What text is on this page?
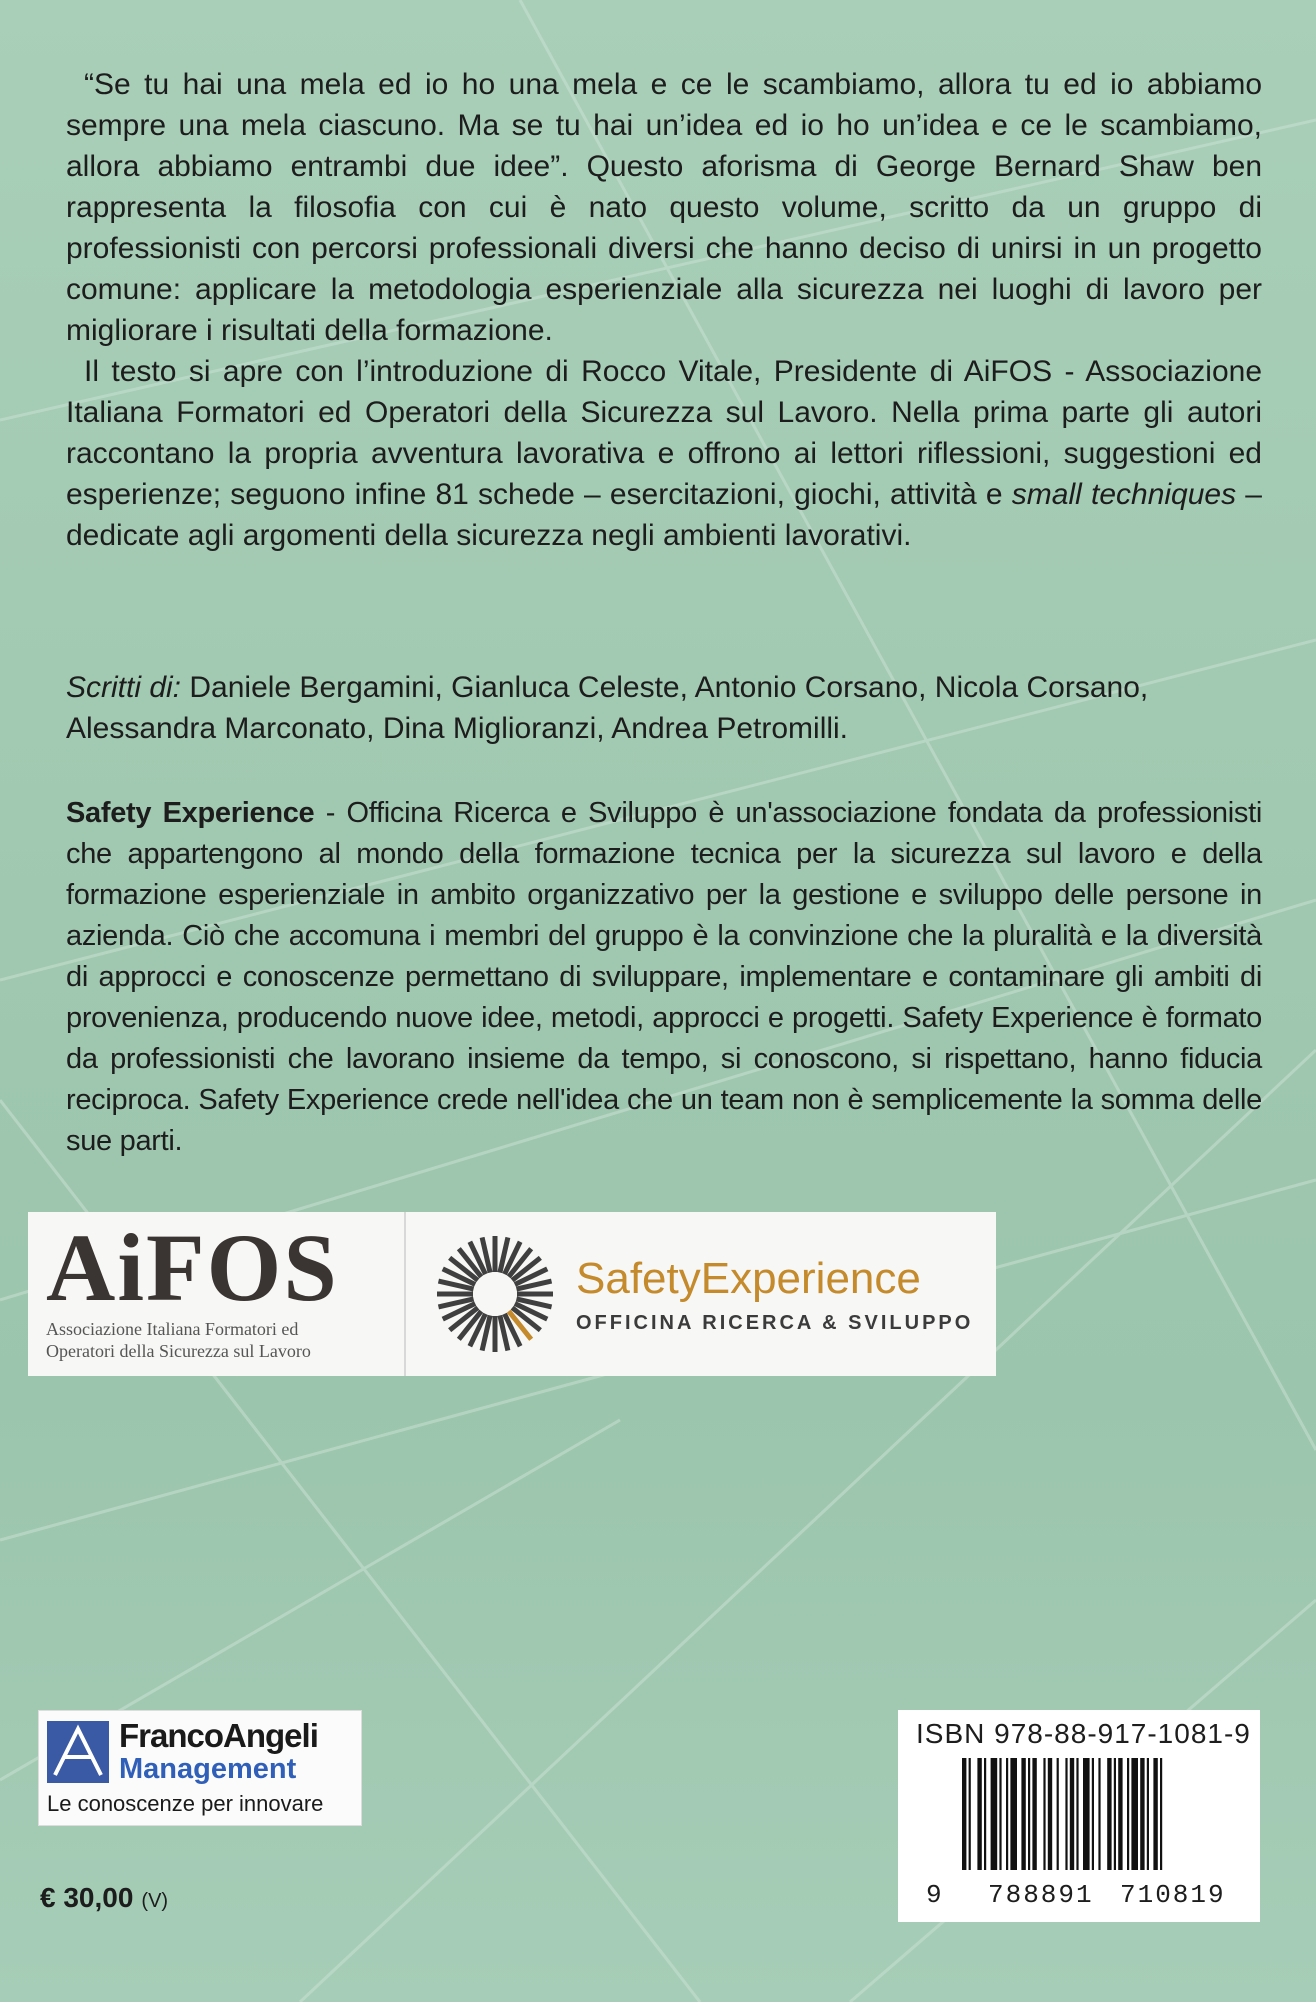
“Se tu hai una mela ed io ho una mela e ce le scambiamo, allora tu ed io abbiamo sempre una mela ciascuno. Ma se tu hai un’idea ed io ho un’idea e ce le scambiamo, allora abbiamo entrambi due idee”. Questo aforisma di George Bernard Shaw ben rappresenta la filosofia con cui è nato questo volume, scritto da un gruppo di professionisti con percorsi professionali diversi che hanno deciso di unirsi in un progetto comune: applicare la metodologia esperienziale alla sicurezza nei luoghi di lavoro per migliorare i risultati della formazione.

Il testo si apre con l’introduzione di Rocco Vitale, Presidente di AiFOS - Associazione Italiana Formatori ed Operatori della Sicurezza sul Lavoro. Nella prima parte gli autori raccontano la propria avventura lavorativa e offrono ai lettori riflessioni, suggestioni ed esperienze; seguono infine 81 schede – esercitazioni, giochi, attività e small techniques – dedicate agli argomenti della sicurezza negli ambienti lavorativi.

Scritti di: Daniele Bergamini, Gianluca Celeste, Antonio Corsano, Nicola Corsano, Alessandra Marconato, Dina Miglioranzi, Andrea Petromilli.
Safety Experience - Officina Ricerca e Sviluppo è un'associazione fondata da professionisti che appartengono al mondo della formazione tecnica per la sicurezza sul lavoro e della formazione esperienziale in ambito organizzativo per la gestione e sviluppo delle persone in azienda. Ciò che accomuna i membri del gruppo è la convinzione che la pluralità e la diversità di approcci e conoscenze permettano di sviluppare, implementare e contaminare gli ambiti di provenienza, producendo nuove idee, metodi, approcci e progetti. Safety Experience è formato da professionisti che lavorano insieme da tempo, si conoscono, si rispettano, hanno fiducia reciproca. Safety Experience crede nell'idea che un team non è semplicemente la somma delle sue parti.
AiFOS
Associazione Italiana Formatori ed
Operatori della Sicurezza sul Lavoro
SafetyExperience
OFFICINA RICERCA & SVILUPPO
FrancoAngeli
Management
Le conoscenze per innovare
€ 30,00 (V)
ISBN 978-88-917-1081-9
9 788891 710819
